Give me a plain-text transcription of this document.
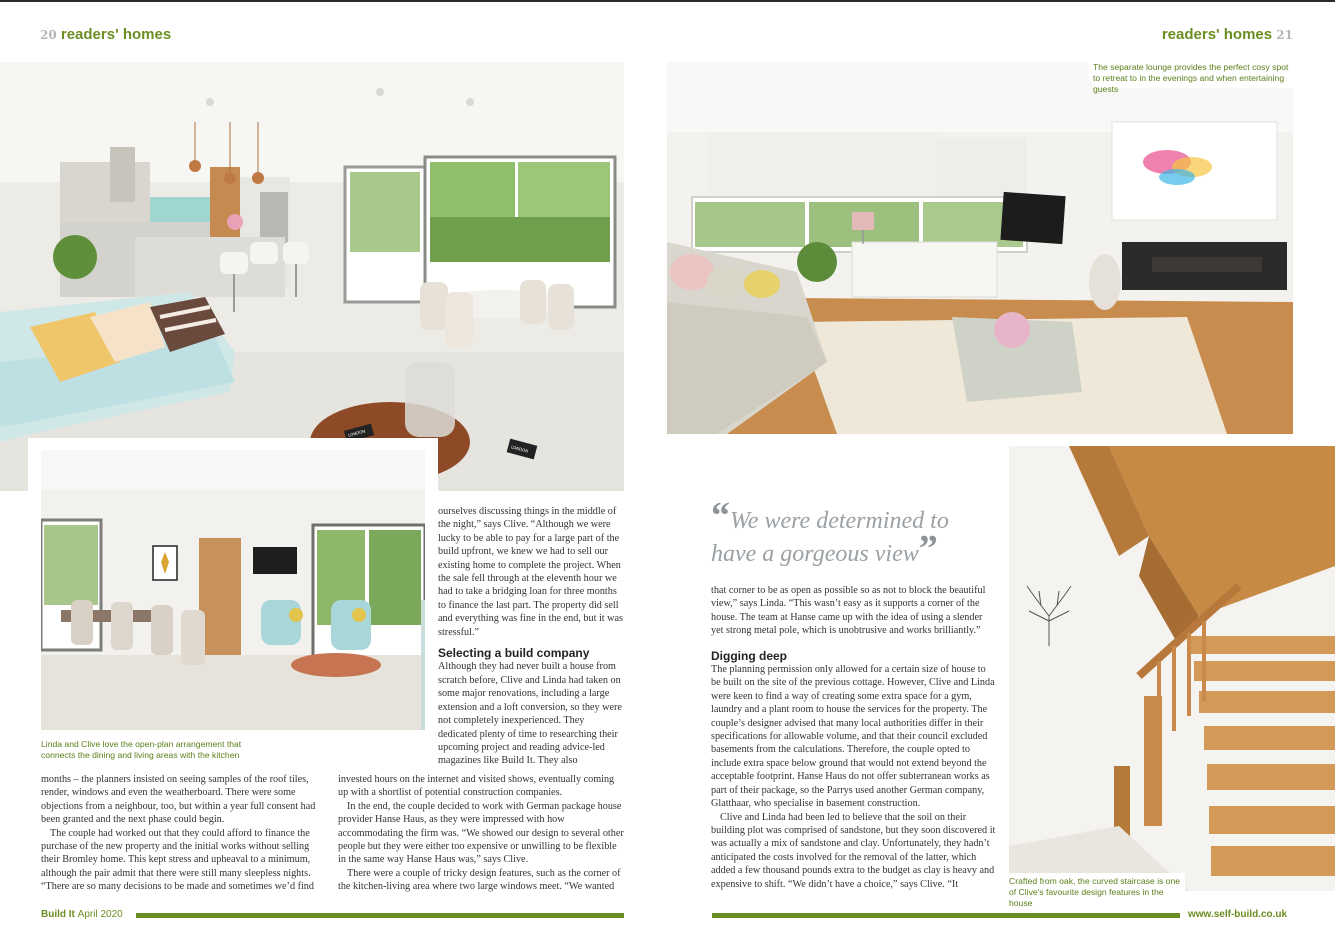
20 readers' homes	readers' homes 21
LONDON
LONDON
Linda and Clive love the open-plan arrangement that connects the dining and living areas with the kitchen

months – the planners insisted on seeing samples of the roof tiles, render, windows and even the weatherboard. There were some objections from a neighbour, too, but within a year full consent had been granted and the next phase could begin.

The couple had worked out that they could afford to finance the purchase of the new property and the initial works without selling their Bromley home. This kept stress and upheaval to a minimum, although the pair admit that there were still many sleepless nights. “There are so many decisions to be made and sometimes we’d find

ourselves discussing things in the middle of the night,” says Clive. “Although we were lucky to be able to pay for a large part of the build upfront, we knew we had to sell our existing home to complete the project. When the sale fell through at the eleventh hour we had to take a bridging loan for three months to finance the last part. The property did sell and everything was fine in the end, but it was stressful.”

Selecting a build company

Although they had never built a house from scratch before, Clive and Linda had taken on some major renovations, including a large extension and a loft conversion, so they were not completely inexperienced. They dedicated plenty of time to researching their upcoming project and reading advice-led magazines like Build It. They also

invested hours on the internet and visited shows, eventually coming up with a shortlist of potential construction companies.

In the end, the couple decided to work with German package house provider Hanse Haus, as they were impressed with how accommodating the firm was. “We showed our design to several other people but they were either too expensive or unwilling to be flexible in the same way Hanse Haus was,” says Clive.

There were a couple of tricky design features, such as the corner of the kitchen-living area where two large windows meet. “We wanted

The separate lounge provides the perfect cosy spot to retreat to in the evenings and when entertaining guests
Crafted from oak, the curved staircase is one of Clive's favourite design features in the house
“We were determined to have a gorgeous view”

that corner to be as open as possible so as not to block the beautiful view,” says Linda. “This wasn’t easy as it supports a corner of the house. The team at Hanse came up with the idea of using a slender yet strong metal pole, which is unobtrusive and works brilliantly.”

Digging deep

The planning permission only allowed for a certain size of house to be built on the site of the previous cottage. However, Clive and Linda were keen to find a way of creating some extra space for a gym, laundry and a plant room to house the services for the property. The couple’s designer advised that many local authorities differ in their specifications for allowable volume, and that their council excluded basements from the calculations. Therefore, the couple opted to include extra space below ground that would not extend beyond the acceptable footprint. Hanse Haus do not offer subterranean works as part of their package, so the Parrys used another German company, Glatthaar, who specialise in basement construction.

Clive and Linda had been led to believe that the soil on their building plot was comprised of sandstone, but they soon discovered it was actually a mix of sandstone and clay. Unfortunately, they hadn’t anticipated the costs involved for the removal of the latter, which added a few thousand pounds extra to the budget as clay is heavy and expensive to shift. “We didn’t have a choice,” says Clive. “It

Build It April 2020	www.self-build.co.uk
